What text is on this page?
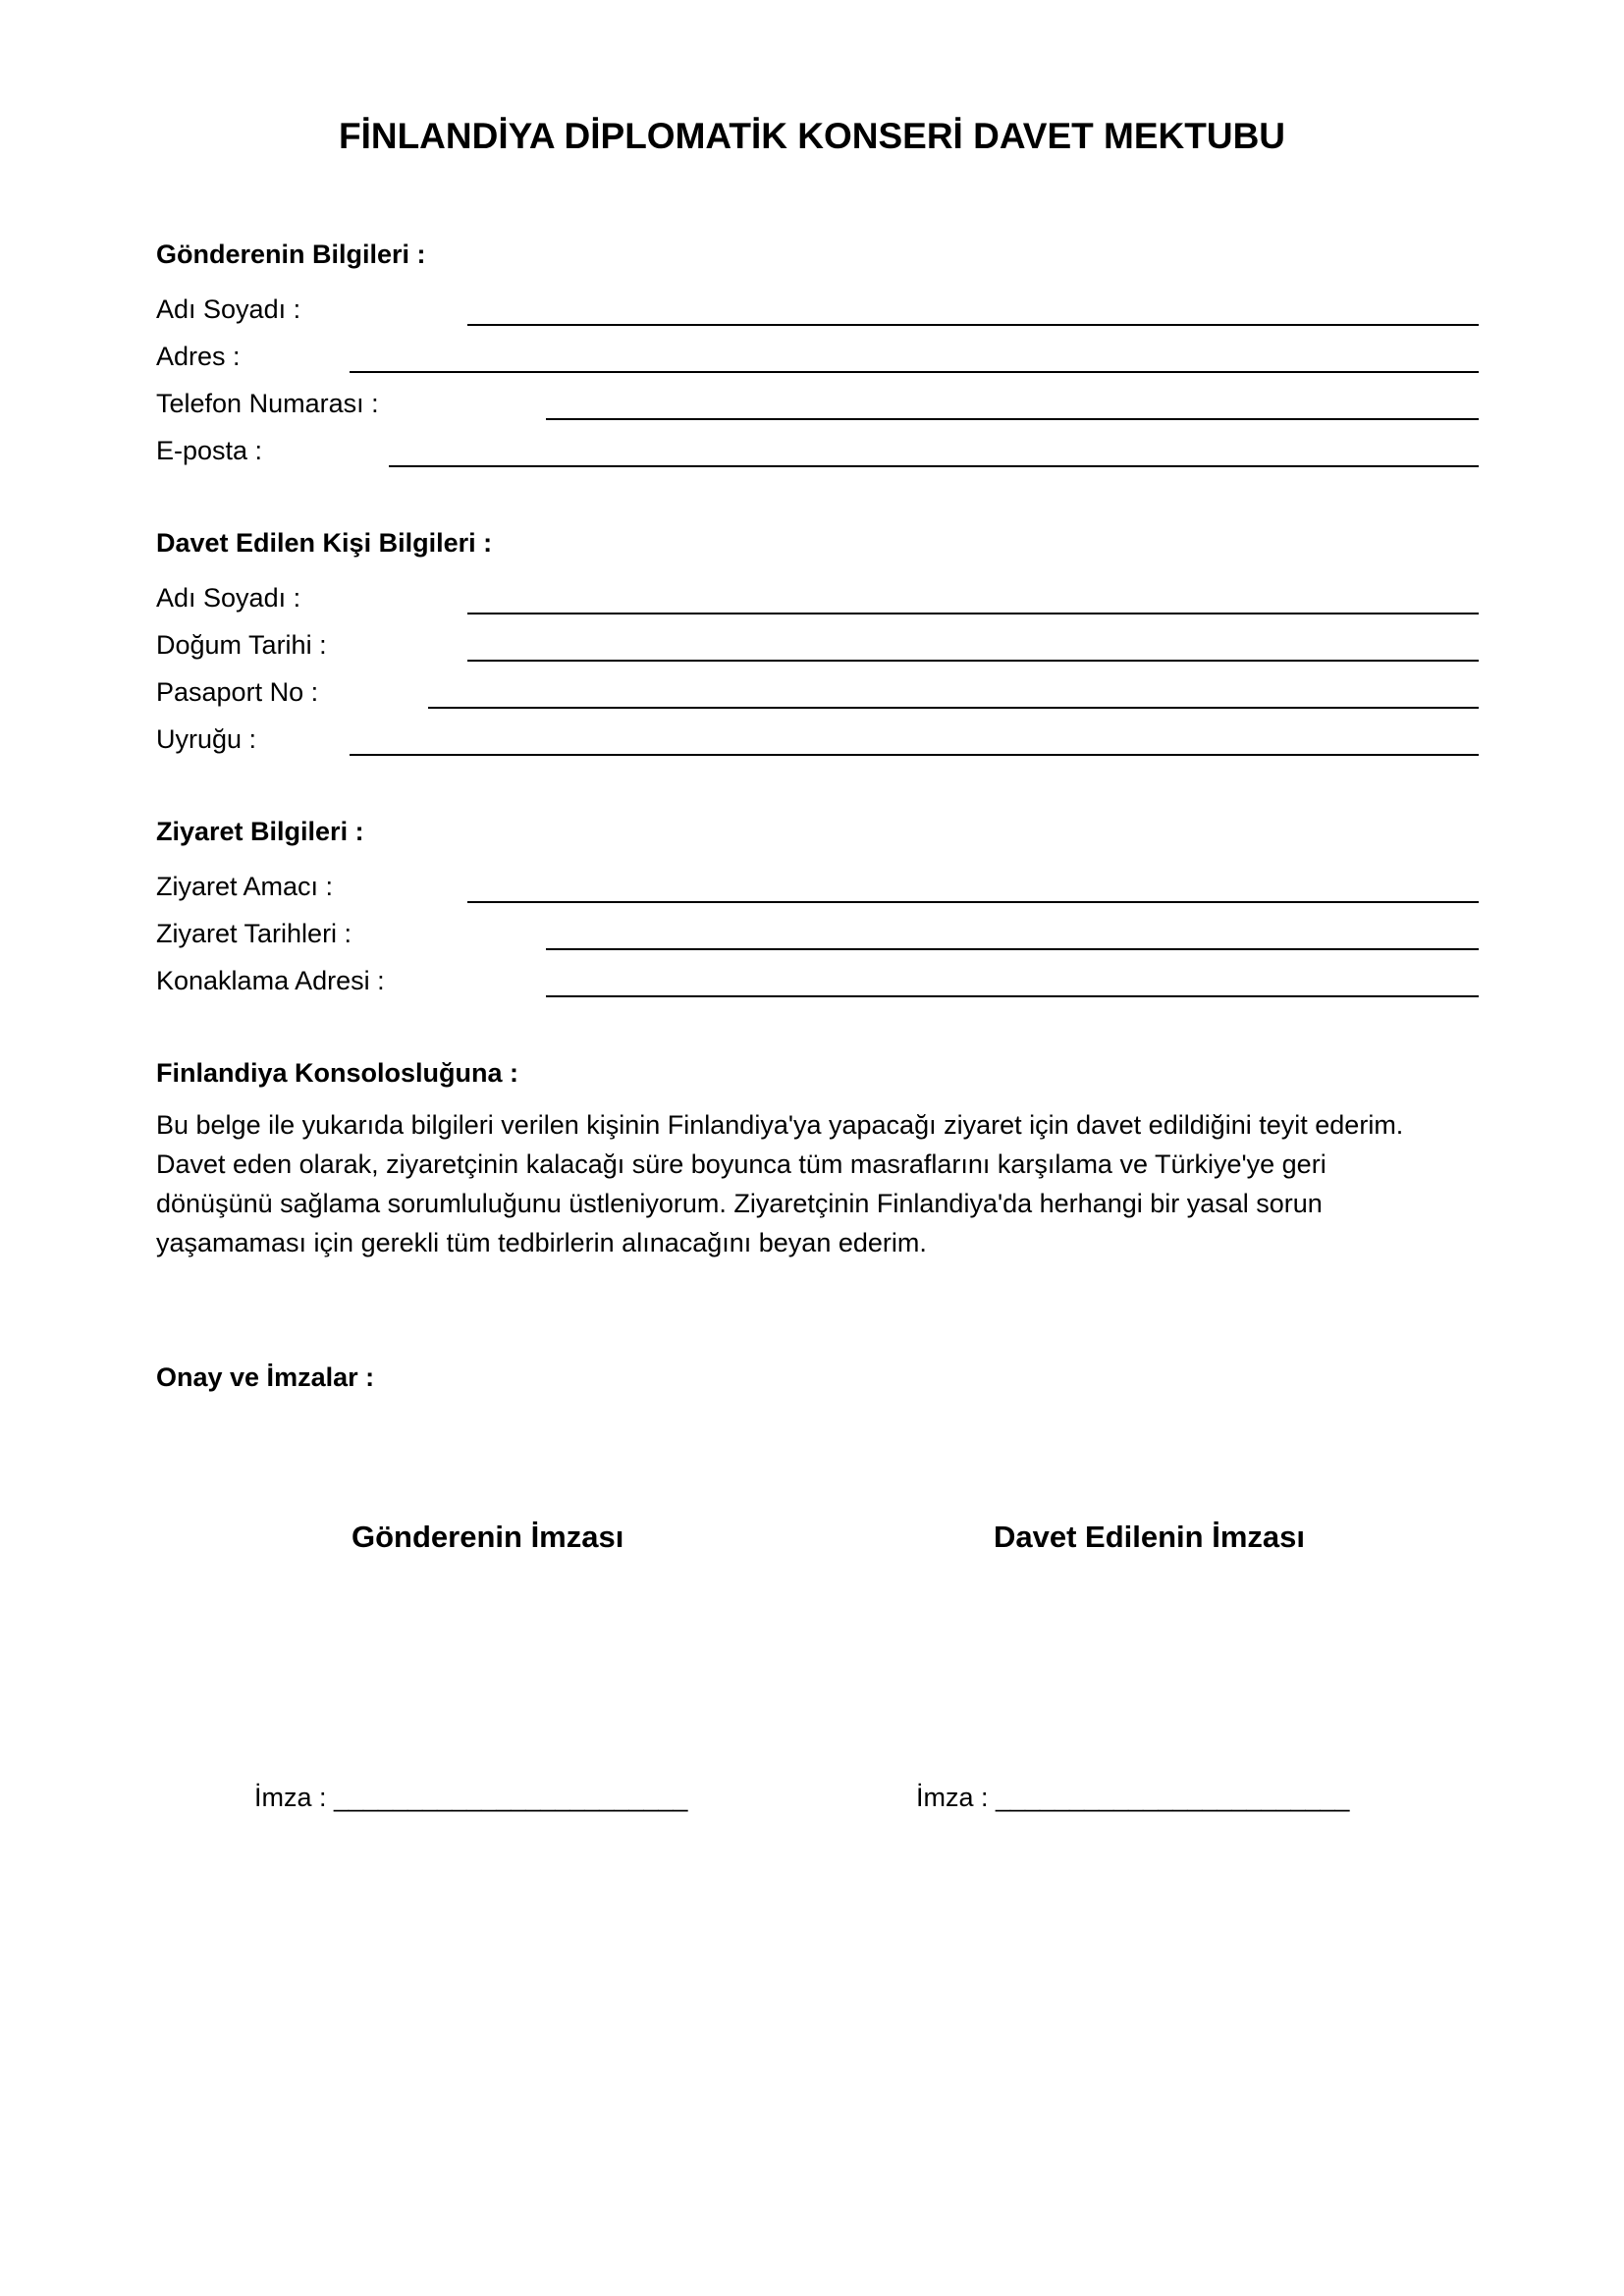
FİNLANDİYA DİPLOMATİK KONSERİ DAVET MEKTUBU
Gönderenin Bilgileri :
Adı Soyadı :
Adres :
Telefon Numarası :
E-posta :
Davet Edilen Kişi Bilgileri :
Adı Soyadı :
Doğum Tarihi :
Pasaport No :
Uyruğu :
Ziyaret Bilgileri :
Ziyaret Amacı :
Ziyaret Tarihleri :
Konaklama Adresi :
Finlandiya Konsolosluğuna :
Bu belge ile yukarıda bilgileri verilen kişinin Finlandiya'ya yapacağı ziyaret için davet edildiğini teyit ederim.
Davet eden olarak, ziyaretçinin kalacağı süre boyunca tüm masraflarını karşılama ve Türkiye'ye geri
dönüşünü sağlama sorumluluğunu üstleniyorum. Ziyaretçinin Finlandiya'da herhangi bir yasal sorun
yaşamaması için gerekli tüm tedbirlerin alınacağını beyan ederim.
Onay ve İmzalar :
Gönderenin İmzası	Davet Edilenin İmzası
İmza : ________________________	İmza : ________________________
